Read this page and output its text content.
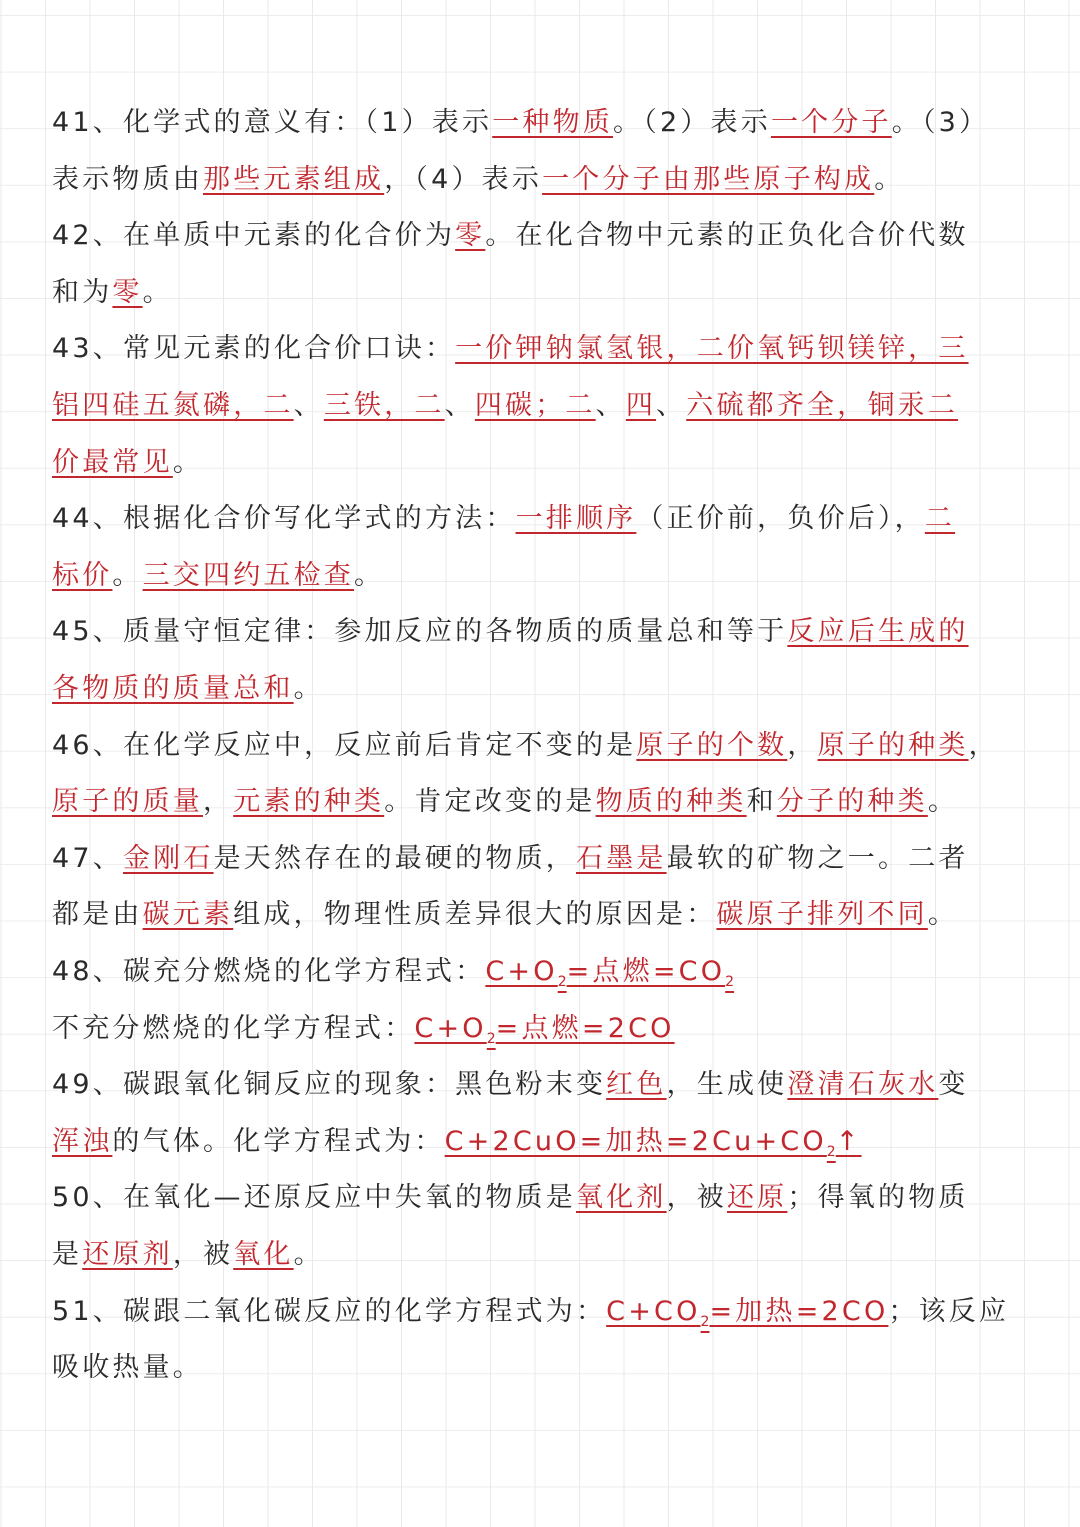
41、化学式的意义有：（1）表示一种物质。（2）表示一个分子。（3）
表示物质由那些元素组成，（4）表示一个分子由那些原子构成。
42、在单质中元素的化合价为零。在化合物中元素的正负化合价代数
和为零。
43、常见元素的化合价口诀：一价钾钠氯氢银，二价氧钙钡镁锌，三
铝四硅五氮磷，二、三铁，二、四碳；二、四、六硫都齐全，铜汞二
价最常见。
44、根据化合价写化学式的方法：一排顺序（正价前，负价后），二
标价。三交四约五检查。
45、质量守恒定律：参加反应的各物质的质量总和等于反应后生成的
各物质的质量总和。
46、在化学反应中，反应前后肯定不变的是原子的个数，原子的种类，
原子的质量，元素的种类。肯定改变的是物质的种类和分子的种类。
47、金刚石是天然存在的最硬的物质，石墨是最软的矿物之一。二者
都是由碳元素组成，物理性质差异很大的原因是：碳原子排列不同。
48、碳充分燃烧的化学方程式：$C+O_2=$点燃$=CO_2$
不充分燃烧的化学方程式：$C+O_2=$点燃=2CO
49、碳跟氧化铜反应的现象：黑色粉末变红色，生成使澄清石灰水变
浑浊的气体。化学方程式为：C+2CuO=加热$=2Cu+CO_2↑$
50、在氧化—还原反应中失氧的物质是氧化剂，被还原；得氧的物质
是还原剂，被氧化。
51、碳跟二氧化碳反应的化学方程式为：$C+CO_2=$加热=2CO；该反应
吸收热量。
